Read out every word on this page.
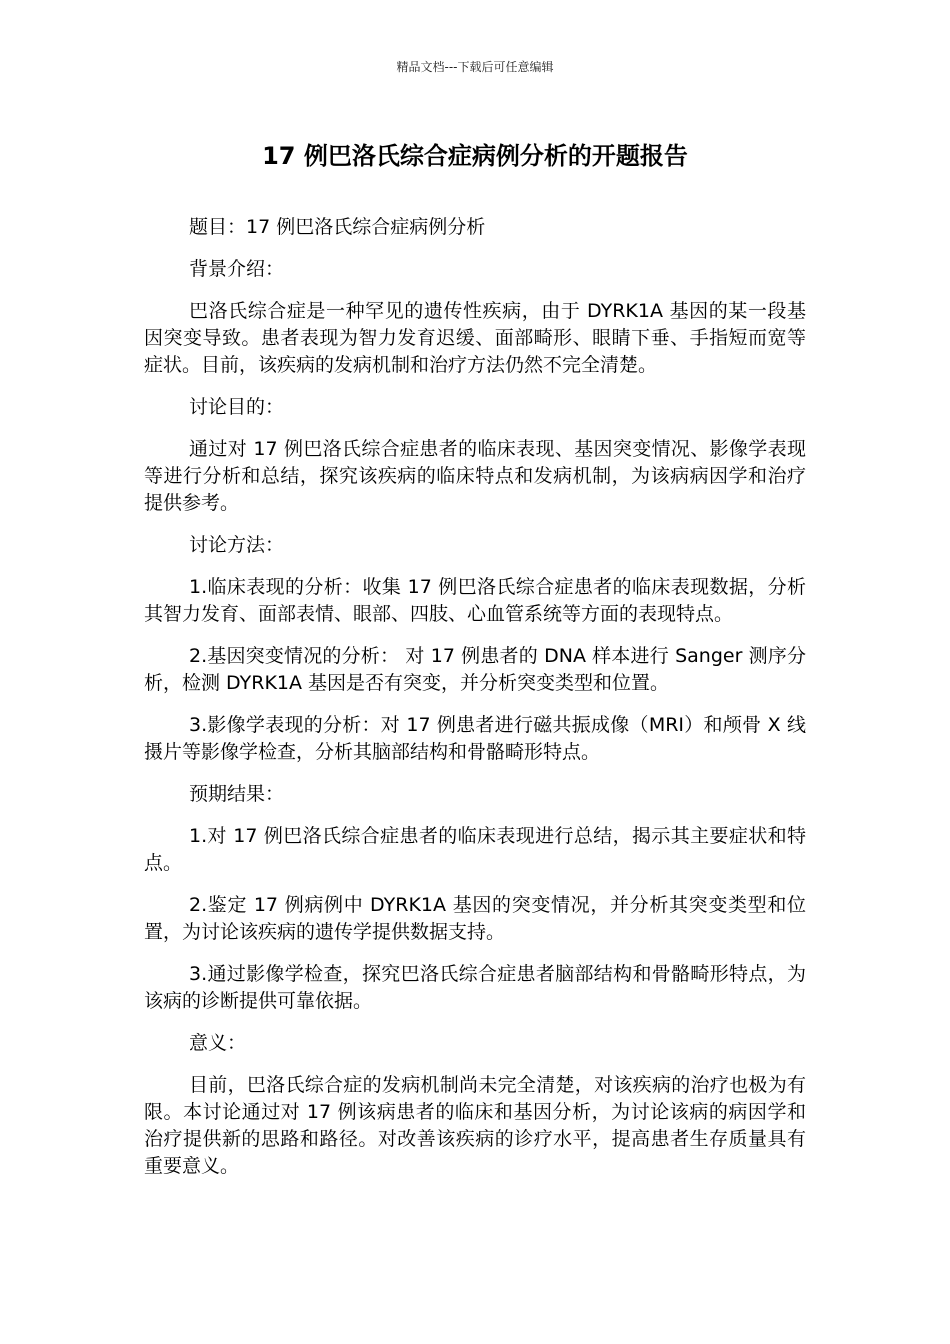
精品文档---下载后可任意编辑
17 例巴洛氏综合症病例分析的开题报告

题目：17 例巴洛氏综合症病例分析

背景介绍：

巴洛氏综合症是一种罕见的遗传性疾病，由于 DYRK1A 基因的某一段基因突变导致。患者表现为智力发育迟缓、面部畸形、眼睛下垂、手指短而宽等症状。目前，该疾病的发病机制和治疗方法仍然不完全清楚。

讨论目的：

通过对 17 例巴洛氏综合症患者的临床表现、基因突变情况、影像学表现等进行分析和总结，探究该疾病的临床特点和发病机制，为该病病因学和治疗提供参考。

讨论方法：

1.临床表现的分析：收集 17 例巴洛氏综合症患者的临床表现数据，分析其智力发育、面部表情、眼部、四肢、心血管系统等方面的表现特点。

2.基因突变情况的分析： 对 17 例患者的 DNA 样本进行 Sanger 测序分析，检测 DYRK1A 基因是否有突变，并分析突变类型和位置。

3.影像学表现的分析：对 17 例患者进行磁共振成像（MRI）和颅骨 X 线摄片等影像学检查，分析其脑部结构和骨骼畸形特点。

预期结果：

1.对 17 例巴洛氏综合症患者的临床表现进行总结，揭示其主要症状和特点。

2.鉴定 17 例病例中 DYRK1A 基因的突变情况，并分析其突变类型和位置，为讨论该疾病的遗传学提供数据支持。

3.通过影像学检查，探究巴洛氏综合症患者脑部结构和骨骼畸形特点，为该病的诊断提供可靠依据。

意义：

目前，巴洛氏综合症的发病机制尚未完全清楚，对该疾病的治疗也极为有限。本讨论通过对 17 例该病患者的临床和基因分析，为讨论该病的病因学和治疗提供新的思路和路径。对改善该疾病的诊疗水平，提高患者生存质量具有重要意义。
